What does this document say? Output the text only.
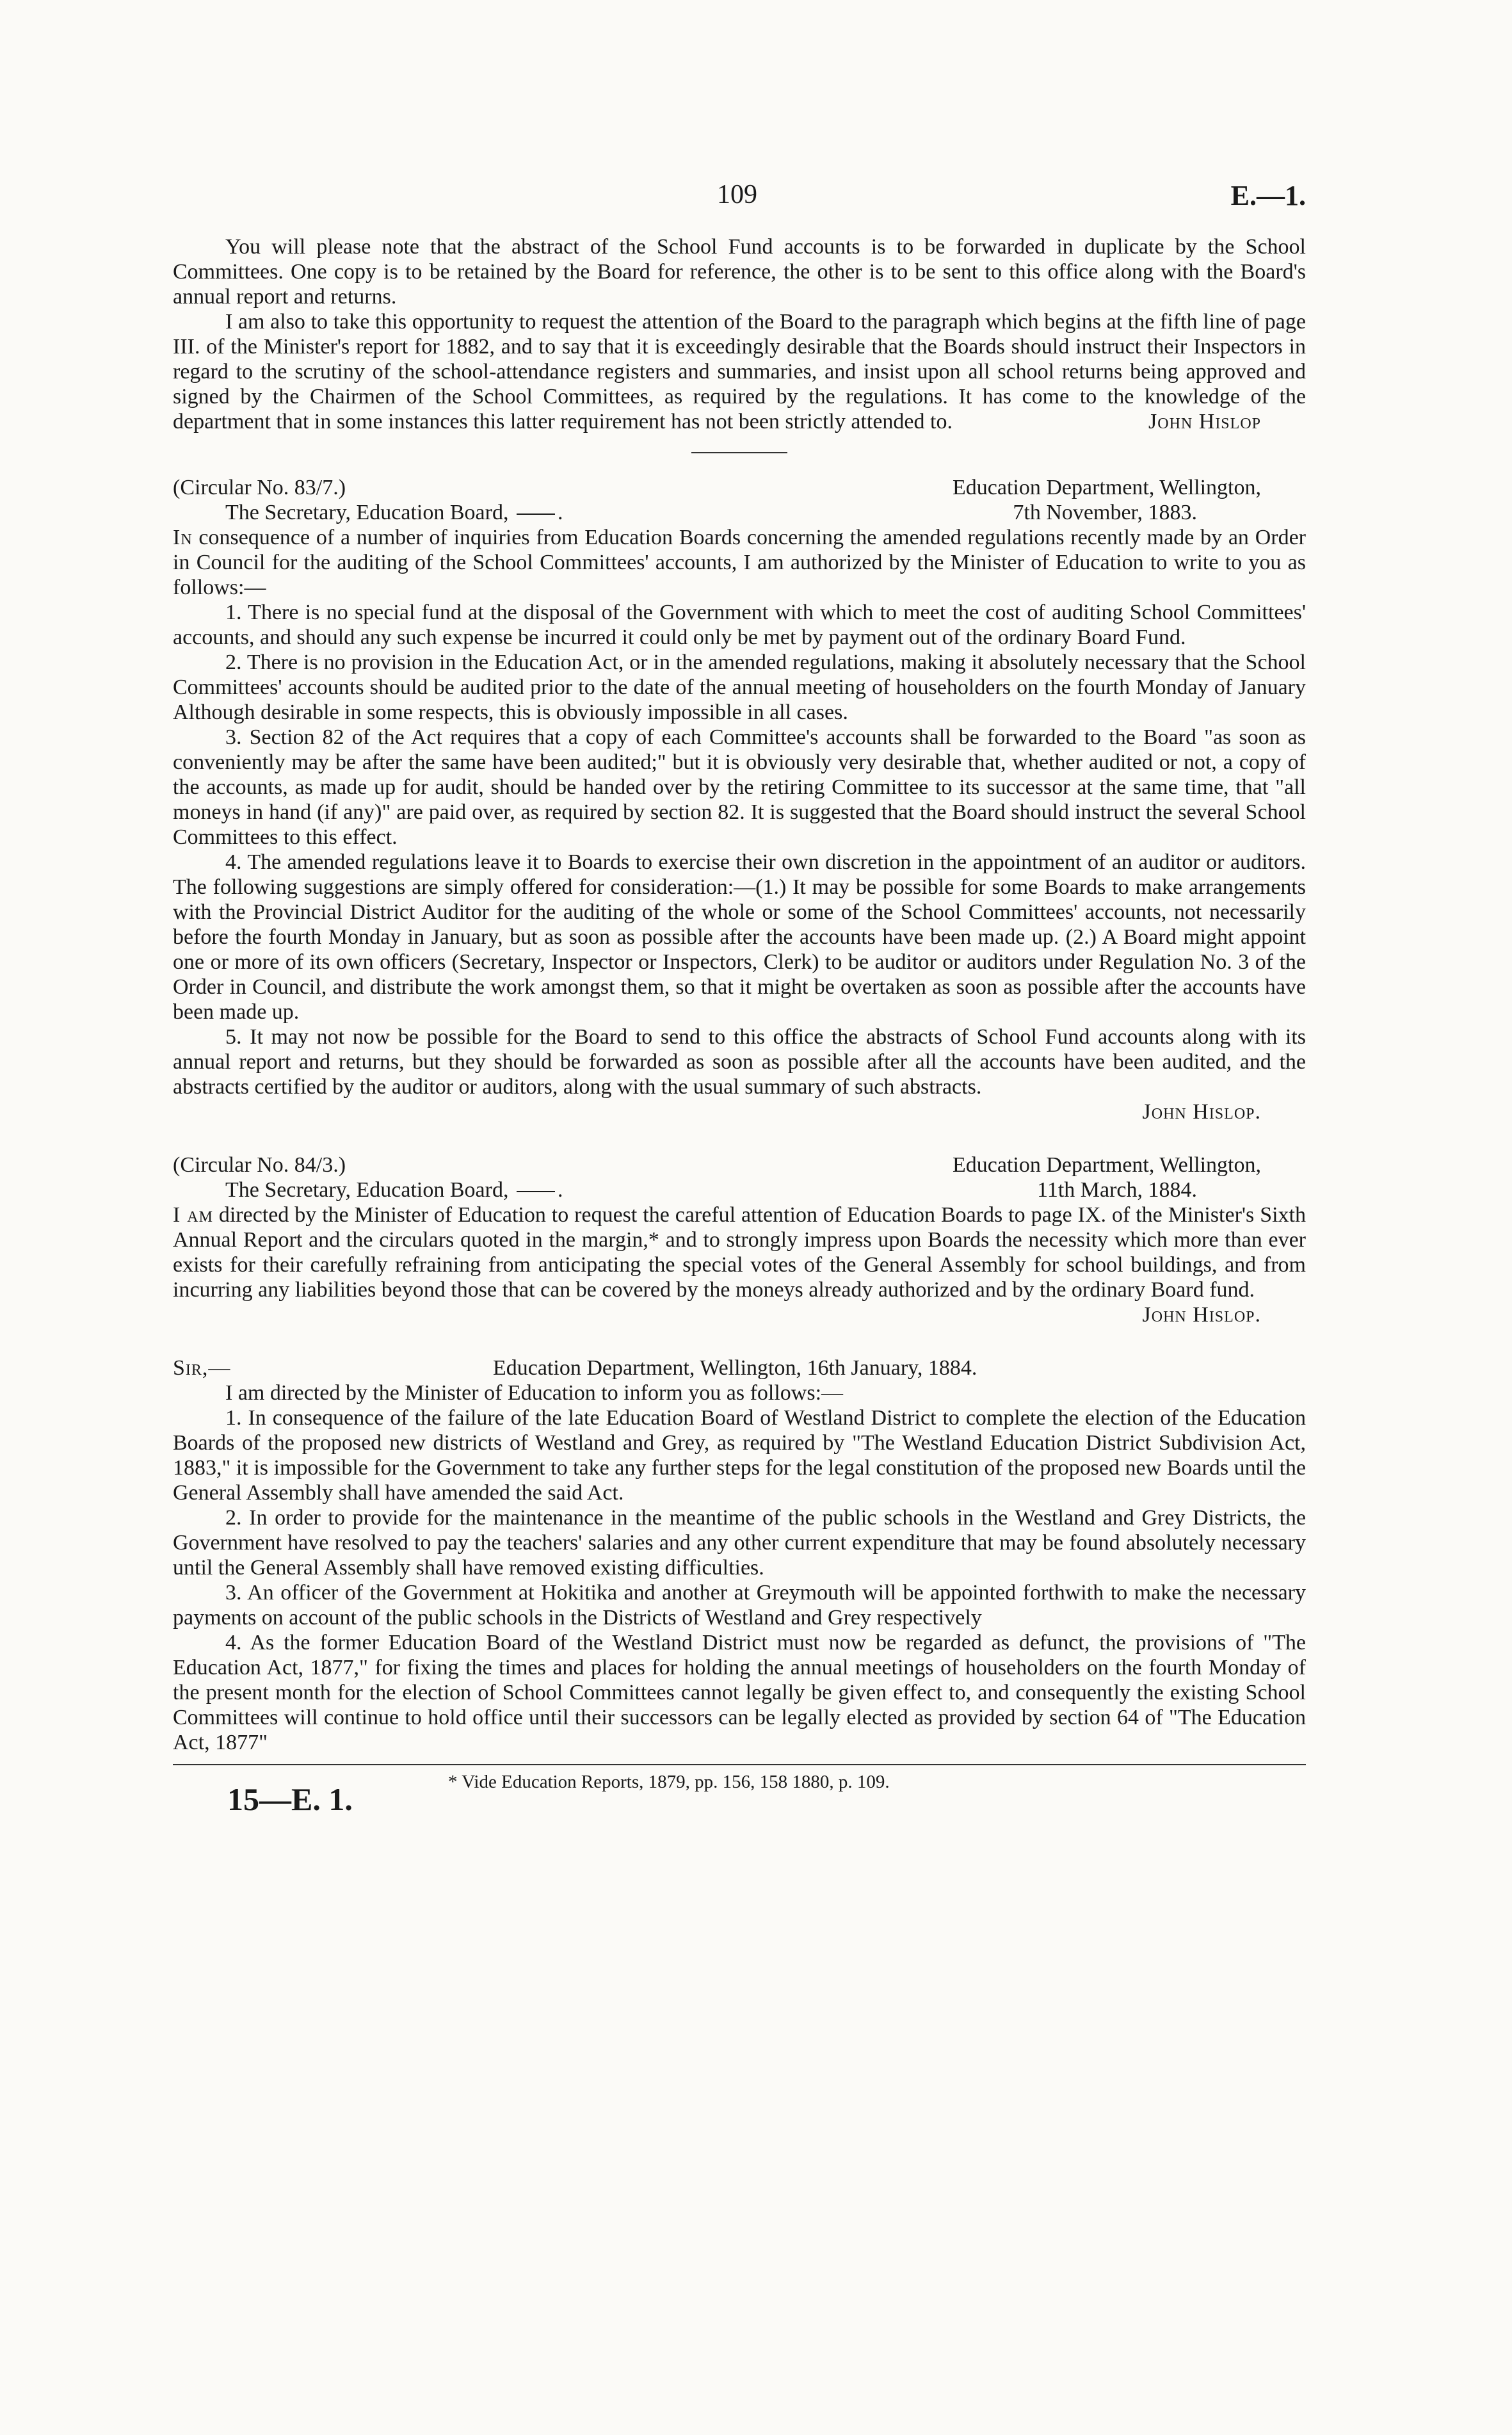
109	E.—1.

You will please note that the abstract of the School Fund accounts is to be forwarded in duplicate by the School Committees. One copy is to be retained by the Board for reference, the other is to be sent to this office along with the Board's annual report and returns.

I am also to take this opportunity to request the attention of the Board to the paragraph which begins at the fifth line of page III. of the Minister's report for 1882, and to say that it is exceedingly desirable that the Boards should instruct their Inspectors in regard to the scrutiny of the school-attendance registers and summaries, and insist upon all school returns being approved and signed by the Chairmen of the School Committees, as required by the regulations. It has come to the knowledge of the department that in some instances this latter requirement has not been strictly attended to.	John Hislop
(Circular No. 83/7.)	Education Department, Wellington,
The Secretary, Education Board, .	7th November, 1883.

In consequence of a number of inquiries from Education Boards concerning the amended regulations recently made by an Order in Council for the auditing of the School Committees' accounts, I am authorized by the Minister of Education to write to you as follows:—

1. There is no special fund at the disposal of the Government with which to meet the cost of auditing School Committees' accounts, and should any such expense be incurred it could only be met by payment out of the ordinary Board Fund.

2. There is no provision in the Education Act, or in the amended regulations, making it absolutely necessary that the School Committees' accounts should be audited prior to the date of the annual meeting of householders on the fourth Monday of January Although desirable in some respects, this is obviously impossible in all cases.

3. Section 82 of the Act requires that a copy of each Committee's accounts shall be forwarded to the Board "as soon as conveniently may be after the same have been audited;" but it is obviously very desirable that, whether audited or not, a copy of the accounts, as made up for audit, should be handed over by the retiring Committee to its successor at the same time, that "all moneys in hand (if any)" are paid over, as required by section 82. It is suggested that the Board should instruct the several School Committees to this effect.

4. The amended regulations leave it to Boards to exercise their own discretion in the appointment of an auditor or auditors. The following suggestions are simply offered for consideration:—(1.) It may be possible for some Boards to make arrangements with the Provincial District Auditor for the auditing of the whole or some of the School Committees' accounts, not necessarily before the fourth Monday in January, but as soon as possible after the accounts have been made up. (2.) A Board might appoint one or more of its own officers (Secretary, Inspector or Inspectors, Clerk) to be auditor or auditors under Regulation No. 3 of the Order in Council, and distribute the work amongst them, so that it might be overtaken as soon as possible after the accounts have been made up.

5. It may not now be possible for the Board to send to this office the abstracts of School Fund accounts along with its annual report and returns, but they should be forwarded as soon as possible after all the accounts have been audited, and the abstracts certified by the auditor or auditors, along with the usual summary of such abstracts.

John Hislop.
(Circular No. 84/3.)	Education Department, Wellington,
The Secretary, Education Board, .	11th March, 1884.

I am directed by the Minister of Education to request the careful attention of Education Boards to page IX. of the Minister's Sixth Annual Report and the circulars quoted in the margin,* and to strongly impress upon Boards the necessity which more than ever exists for their carefully refraining from anticipating the special votes of the General Assembly for school buildings, and from incurring any liabilities beyond those that can be covered by the moneys already authorized and by the ordinary Board fund.

John Hislop.
Sir,—	Education Department, Wellington, 16th January, 1884.

I am directed by the Minister of Education to inform you as follows:—

1. In consequence of the failure of the late Education Board of Westland District to complete the election of the Education Boards of the proposed new districts of Westland and Grey, as required by "The Westland Education District Subdivision Act, 1883," it is impossible for the Government to take any further steps for the legal constitution of the proposed new Boards until the General Assembly shall have amended the said Act.

2. In order to provide for the maintenance in the meantime of the public schools in the Westland and Grey Districts, the Government have resolved to pay the teachers' salaries and any other current expenditure that may be found absolutely necessary until the General Assembly shall have removed existing difficulties.

3. An officer of the Government at Hokitika and another at Greymouth will be appointed forthwith to make the necessary payments on account of the public schools in the Districts of Westland and Grey respectively

4. As the former Education Board of the Westland District must now be regarded as defunct, the provisions of "The Education Act, 1877," for fixing the times and places for holding the annual meetings of householders on the fourth Monday of the present month for the election of School Committees cannot legally be given effect to, and consequently the existing School Committees will continue to hold office until their successors can be legally elected as provided by section 64 of "The Education Act, 1877"

15—E. 1.	* Vide Education Reports, 1879, pp. 156, 158 1880, p. 109.
